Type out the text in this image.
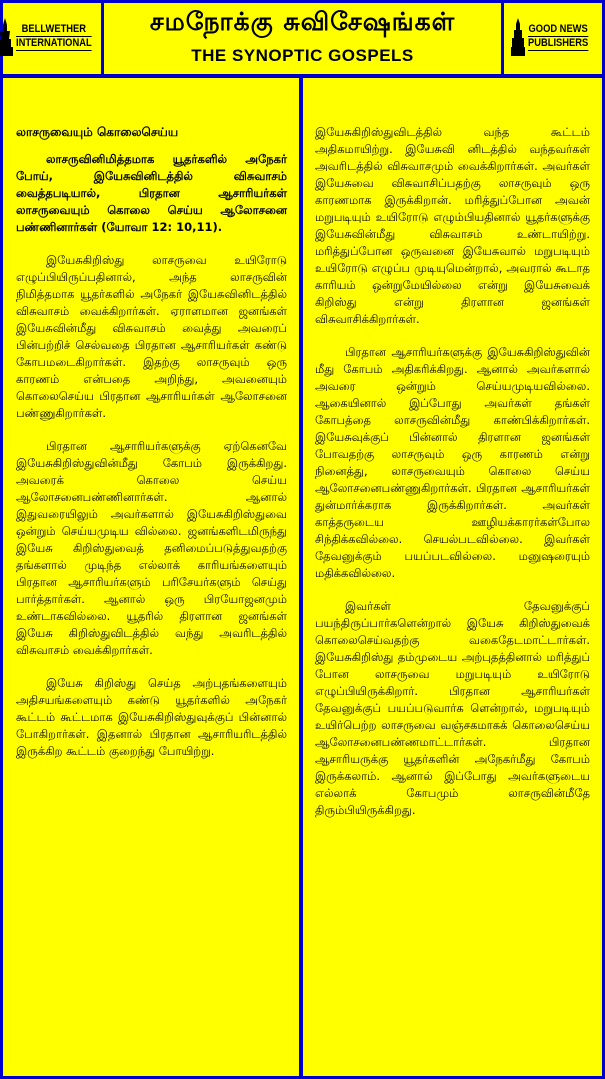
BELLWETHER
INTERNATIONAL
சமநோக்கு சுவிசேஷங்கள்
THE SYNOPTIC GOSPELS
GOOD NEWS
PUBLISHERS
லாசருவையும் கொலைசெய்ய

லாசருவினிமித்தமாக யூதர்களில் அநேகர் போய், இயேசுவினிடத்தில் விசுவாசம் வைத்தபடியால், பிரதான ஆசாரியர்கள் லாசருவையும் கொலை செய்ய ஆலோசனை பண்ணினார்கள் (யோவா 12: 10,11).

இயேசுகிறிஸ்து லாசருவை உயிரோடு எழுப்பியிருப்பதினால், அந்த லாசருவின் நிமித்தமாக யூதர்களில் அநேகர் இயேசுவினிடத்தில் விசுவாசம் வைக்கிறார்கள். ஏராளமான ஜனங்கள் இயேசுவின்மீது விசுவாசம் வைத்து அவரைப் பின்பற்றிச் செல்வதை பிரதான ஆசாரியர்கள் கண்டு கோபமடைகிறார்கள். இதற்கு லாசருவும் ஒரு காரணம் என்பதை அறிந்து, அவனையும் கொலைசெய்ய பிரதான ஆசாரியர்கள் ஆலோசனை பண்ணுகிறார்கள்.

பிரதான ஆசாரியர்களுக்கு ஏற்கெனவே இயேசுகிறிஸ்துவின்மீது கோபம் இருக்கிறது. அவரைக் கொலை செய்ய ஆலோசனைபண்ணினார்கள். ஆனால் இதுவரையிலும் அவர்களால் இயேசுகிறிஸ்துவை ஒன்றும் செய்யமுடிய வில்லை. ஜனங்களிடமிருந்து இயேசு கிறிஸ்துவைத் தனிமைப்படுத்துவதற்கு தங்களால் முடிந்த எல்லாக் காரியங்களையும் பிரதான ஆசாரியர்களும் பரிசேயர்களும் செய்து பார்த்தார்கள். ஆனால் ஒரு பிரயோஜனமும் உண்டாகவில்லை. யூதரில் திரளான ஜனங்கள் இயேசு கிறிஸ்துவிடத்தில் வந்து அவரிடத்தில் விசுவாசம் வைக்கிறார்கள்.

இயேசு கிறிஸ்து செய்த அற்புதங்களையும் அதிசயங்களையும் கண்டு யூதர்களில் அநேகர் கூட்டம் கூட்டமாக இயேசுகிறிஸ்துவுக்குப் பின்னால் போகிறார்கள். இதனால் பிரதான ஆசாரியரிடத்தில் இருக்கிற கூட்டம் குறைந்து போயிற்று.

இயேசுகிறிஸ்துவிடத்தில் வந்த கூட்டம் அதிகமாயிற்று. இயேசுவி னிடத்தில் வந்தவர்கள் அவரிடத்தில் விசுவாசமும் வைக்கிறார்கள். அவர்கள் இயேசுவை விசுவாசிப்பதற்கு லாசருவும் ஒரு காரணமாக இருக்கிறான். மரித்துப்போன அவன் மறுபடியும் உயிரோடு எழும்பியதினால் யூதர்களுக்கு இயேசுவின்மீது விசுவாசம் உண்டாயிற்று. மரித்துப்போன ஒருவனை இயேசுவால் மறுபடியும் உயிரோடு எழுப்ப முடியுமென்றால், அவரால் கூடாத காரியம் ஒன்றுமேயில்லை என்று இயேசுவைக் கிறிஸ்து என்று திரளான ஜனங்கள் விசுவாசிக்கிறார்கள்.

பிரதான ஆசாரியர்களுக்கு இயேசுகிறிஸ்துவின் மீது கோபம் அதிகரிக்கிறது. ஆனால் அவர்களால் அவரை ஒன்றும் செய்யமுடியவில்லை. ஆகையினால் இப்போது அவர்கள் தங்கள் கோபத்தை லாசருவின்மீது காண்பிக்கிறார்கள். இயேசுவுக்குப் பின்னால் திரளான ஜனங்கள் போவதற்கு லாசருவும் ஒரு காரணம் என்று நினைத்து, லாசருவையும் கொலை செய்ய ஆலோசனைபண்ணுகிறார்கள். பிரதான ஆசாரியர்கள் துன்மார்க்கராக இருக்கிறார்கள். அவர்கள் காத்தருடைய ஊழியக்காரர்கள்போல சிந்திக்கவில்லை. செயல்படவில்லை. இவர்கள் தேவனுக்கும் பயப்படவில்லை. மனுஷரையும் மதிக்கவில்லை.

இவர்கள் தேவனுக்குப் பயந்திருப்பார்களென்றால் இயேசு கிறிஸ்துவைக் கொலைசெய்வதற்கு வகைதேடமாட்டார்கள். இயேசுகிறிஸ்து தம்முடைய அற்புதத்தினால் மரித்துப் போன லாசருவை மறுபடியும் உயிரோடு எழுப்பியிருக்கிறார். பிரதான ஆசாரியர்கள் தேவனுக்குப் பயப்படுவார்க ளென்றால், மறுபடியும் உயிர்பெற்ற லாசருவை வஞ்சகமாகக் கொலைசெய்ய ஆலோசனைபண்ணமாட்டார்கள். பிரதான ஆசாரியருக்கு யூதர்களின் அநேகர்மீது கோபம் இருக்கலாம். ஆனால் இப்போது அவர்களுடைய எல்லாக் கோபமும் லாசருவின்மீதே திரும்பியிருக்கிறது.
